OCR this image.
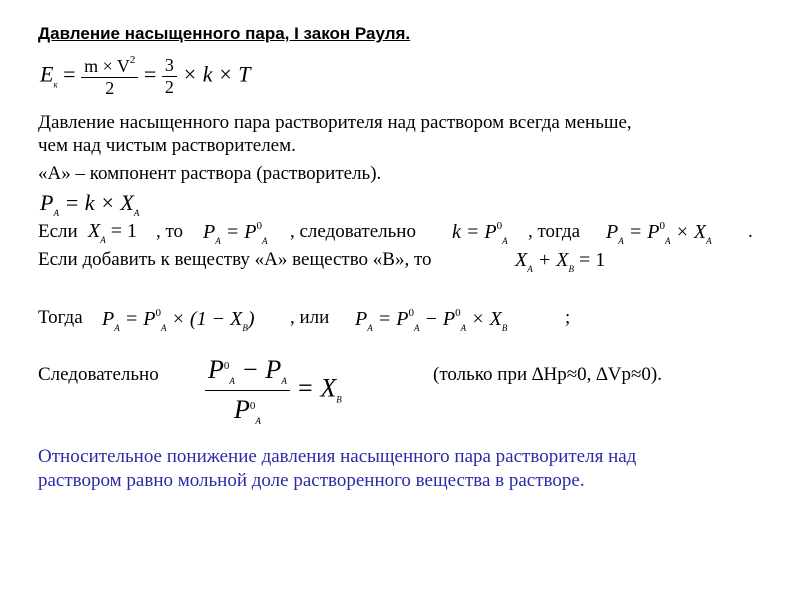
Давление насыщенного пара, I закон Рауля.
$E_к = \frac{m \times V^2}{2} = \frac{3}{2} \times k \times T$
Давление насыщенного пара растворителя над раствором всегда меньше,
чем над чистым растворителем.
«А» – компонент раствора (растворитель).
$P_А = k \times X_А$
Если $X_А = 1$ , то $P_А = P^0_А$ , следовательно $k = P^0_А$ , тогда $P_А = P^0_А \times X_А$ .
Если добавить к веществу «А» вещество «В», то	$X_А + X_В = 1$
Тогда $P_А = P^0_А \times (1 - X_В)$ , или $P_А = P^0_А - P^0_А \times X_В$	;
Следовательно $\frac{P^0_А - P_А}{P^0_А} = X_В$
(только при ∆Hр≈0, ∆Vр≈0).
Относительное понижение давления насыщенного пара растворителя над
раствором равно мольной доле растворенного вещества в растворе.
